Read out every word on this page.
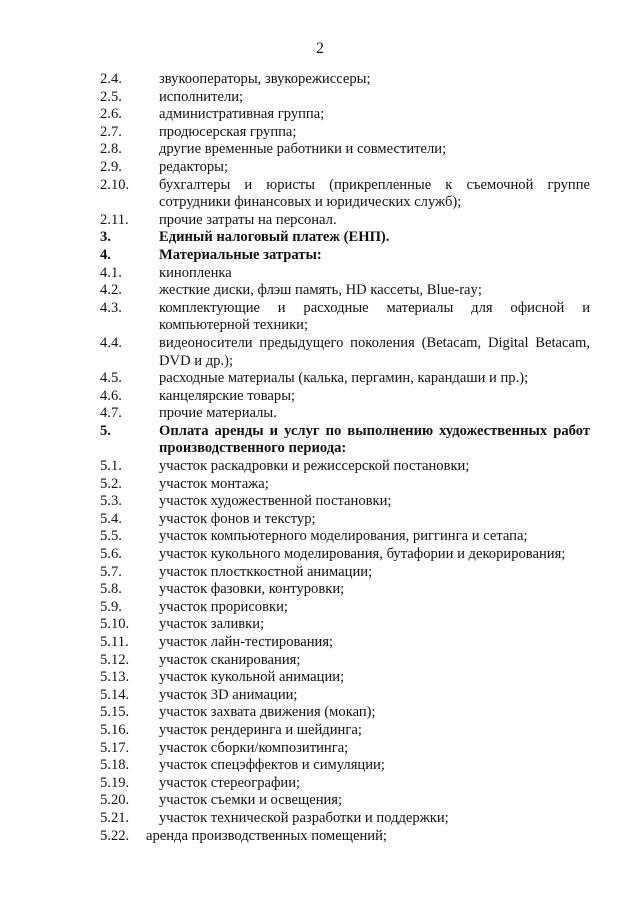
2
2.4.	звукооператоры, звукорежиссеры;
2.5.	исполнители;
2.6.	административная группа;
2.7.	продюсерская группа;
2.8.	другие временные работники и совместители;
2.9.	редакторы;
2.10.	бухгалтеры и юристы (прикрепленные к съемочной группе сотрудники финансовых и юридических служб);
2.11.	прочие затраты на персонал.
3.	Единый налоговый платеж (ЕНП).
4.	Материальные затраты:
4.1.	кинопленка
4.2.	жесткие диски, флэш память, HD кассеты, Blue-ray;
4.3.	комплектующие и расходные материалы для офисной и компьютерной техники;
4.4.	видеоносители предыдущего поколения (Betacam, Digital Betacam, DVD и др.);
4.5.	расходные материалы (калька, пергамин, карандаши и пр.);
4.6.	канцелярские товары;
4.7.	прочие материалы.
5.	Оплата аренды и услуг по выполнению художественных работ производственного периода:
5.1.	участок раскадровки и режиссерской постановки;
5.2.	участок монтажа;
5.3.	участок художественной постановки;
5.4.	участок фонов и текстур;
5.5.	участок компьютерного моделирования, риггинга и сетапа;
5.6.	участок кукольного моделирования, бутафории и декорирования;
5.7.	участок плостккостной анимации;
5.8.	участок фазовки, контуровки;
5.9.	участок прорисовки;
5.10.	участок заливки;
5.11.	участок лайн-тестирования;
5.12.	участок сканирования;
5.13.	участок кукольной анимации;
5.14.	участок 3D анимации;
5.15.	участок захвата движения (мокап);
5.16.	участок рендеринга и шейдинга;
5.17.	участок сборки/композитинга;
5.18.	участок спецэффектов и симуляции;
5.19.	участок стереографии;
5.20.	участок съемки и освещения;
5.21.	участок технической разработки и поддержки;
5.22.	аренда производственных помещений;
